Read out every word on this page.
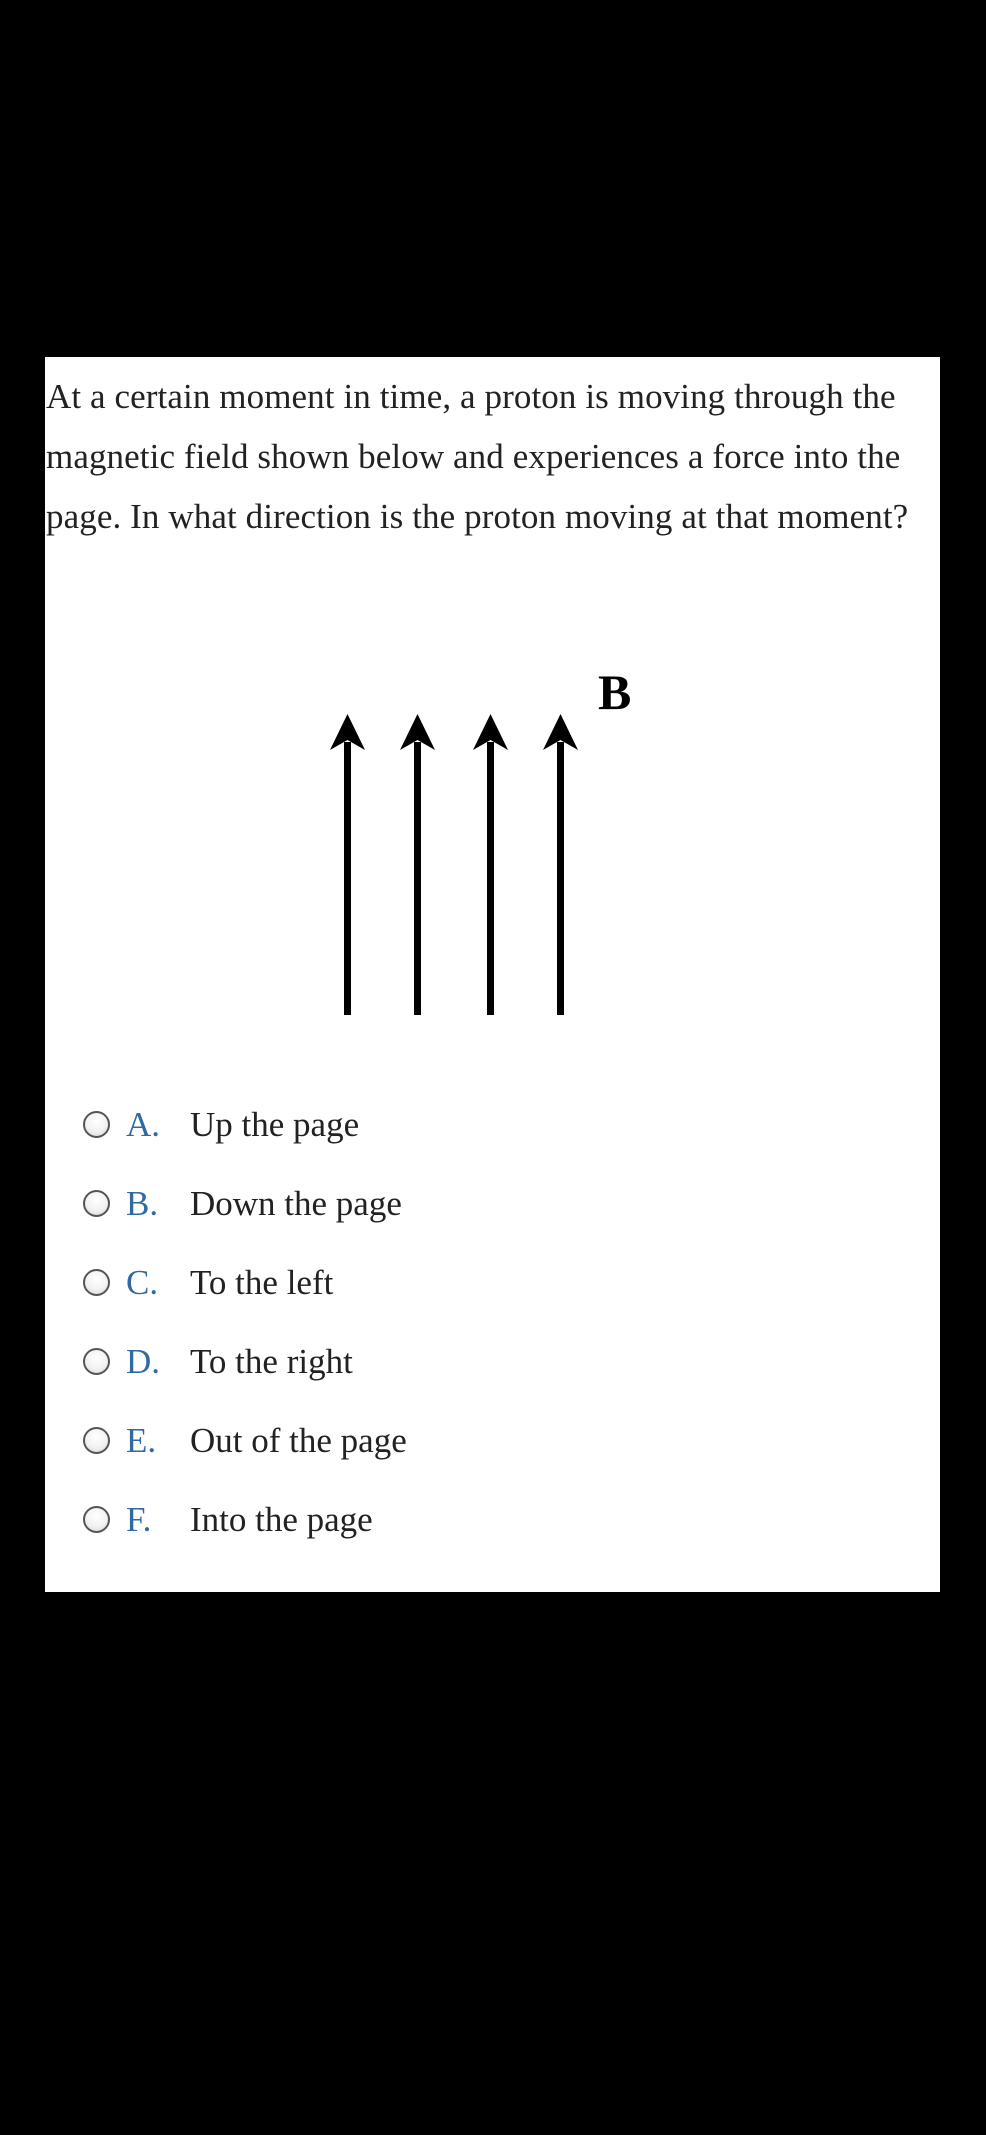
At a certain moment in time, a proton is moving through the magnetic field shown below and experiences a force into the page. In what direction is the proton moving at that moment?

B
A. Up the page
B. Down the page
C. To the left
D. To the right
E. Out of the page
F. Into the page
